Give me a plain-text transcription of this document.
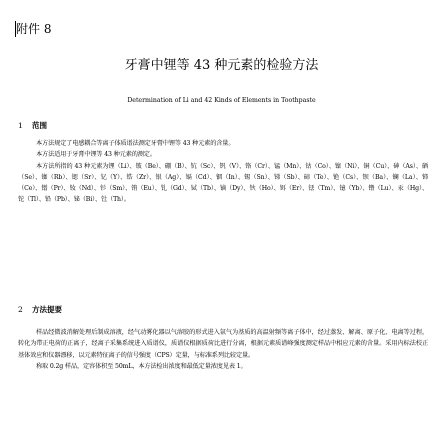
附件 8
牙膏中锂等 43 种元素的检验方法
Determination of Li and 42 Kinds of Elements in Toothpaste
1 范围

本方法规定了电感耦合等离子体质谱法测定牙膏中锂等 43 种元素的含量。

本方法适用于牙膏中锂等 43 种元素的测定。

本方法所指的 43 种元素为锂（Li）、铍（Be）、硼（B）、钪（Sc）、钒（V）、铬（Cr）、锰（Mn）、钴（Co）、镍（Ni）、铜（Cu）、砷（As）、硒（Se）、铷（Rb）、锶（Sr）、钇（Y）、锆（Zr）、银（Ag）、镉（Cd）、铟（In）、锡（Sn）、锑（Sb）、碲（Te）、铯（Cs）、钡（Ba）、镧（La）、铈（Ce）、镨（Pr）、钕（Nd）、钐（Sm）、铕（Eu）、钆（Gd）、铽（Tb）、镝（Dy）、钬（Ho）、铒（Er）、铥（Tm）、镱（Yb）、镥（Lu）、汞（Hg）、铊（Tl）、铅（Pb）、铋（Bi）、钍（Th）。

2 方法提要

样品经微波消解处理后制成溶液，经气动雾化器以气溶胶的形式进入氩气为基质的高温射频等离子体中，经过蒸发、解离、原子化、电离等过程，转化为带正电荷的正离子，经离子采集系统进入质谱仪，质谱仪根据质荷比进行分离，根据元素质谱峰强度测定样品中相应元素的含量。采用内标法校正基体效应和仪器漂移，以元素特征离子的信号强度（CPS）定量，与标准系列比较定量。

称取 0.2g 样品，定容体积至 50mL，本方法检出浓度和最低定量浓度见表 1。
